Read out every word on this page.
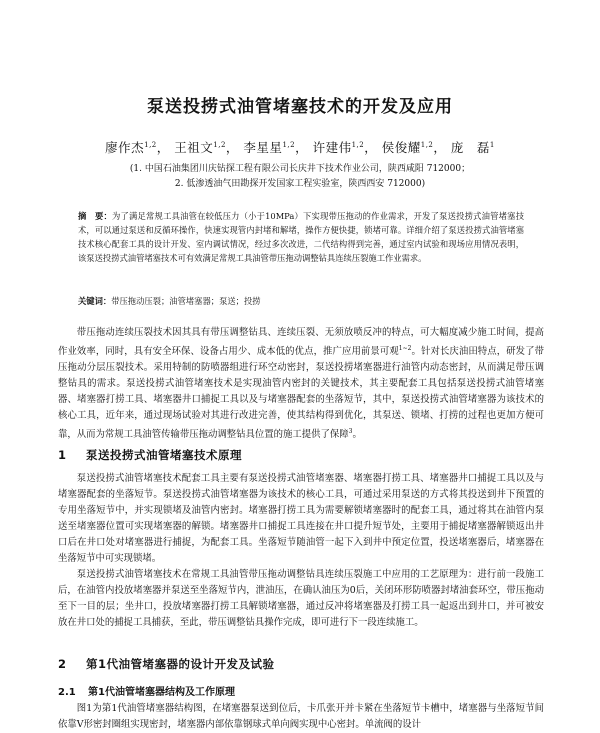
泵送投捞式油管堵塞技术的开发及应用
廖作杰$^{1,2}$， 王祖文$^{1,2}$， 李星星$^{1,2}$， 许建伟$^{1,2}$， 侯俊耀$^{1,2}$， 庞　磊$^1$
(1. 中国石油集团川庆钻探工程有限公司长庆井下技术作业公司，陕西咸阳 712000；
2. 低渗透油气田勘探开发国家工程实验室，陕西西安 712000)
摘　要：为了满足常规工具油管在较低压力（小于10MPa）下实现带压拖动的作业需求，开发了泵送投捞式油管堵塞技术，可以通过泵送和反循环操作，快速实现管内封堵和解堵，操作方便快捷，锁堵可靠。详细介绍了泵送投捞式油管堵塞技术核心配套工具的设计开发、室内调试情况，经过多次改进，二代结构得到完善，通过室内试验和现场应用情况表明，该泵送投捞式油管堵塞技术可有效满足常规工具油管带压拖动调整钻具连续压裂施工作业需求。
关键词：带压拖动压裂；油管堵塞器；泵送；投捞
带压拖动连续压裂技术因其具有带压调整钻具、连续压裂、无须放喷反冲的特点，可大幅度减少施工时间，提高作业效率，同时，具有安全环保、设备占用少、成本低的优点，推广应用前景可观$^{1\sim 2}$。针对长庆油田特点，研发了带压拖动分层压裂技术。采用特制的防喷器组进行环空动密封，泵送投捞堵塞器进行油管内动态密封，从而满足带压调整钻具的需求。泵送投捞式油管堵塞技术是实现油管内密封的关键技术，其主要配套工具包括泵送投捞式油管堵塞器、堵塞器打捞工具、堵塞器井口捕捉工具以及与堵塞器配套的坐落短节，其中，泵送投捞式油管堵塞器为该技术的核心工具，近年来，通过现场试验对其进行改进完善，使其结构得到优化，其泵送、锁堵、打捞的过程也更加方便可靠，从而为常规工具油管传输带压拖动调整钻具位置的施工提供了保障$^3$。
1 泵送投捞式油管堵塞技术原理
泵送投捞式油管堵塞技术配套工具主要有泵送投捞式油管堵塞器、堵塞器打捞工具、堵塞器井口捕捉工具以及与堵塞器配套的坐落短节。泵送投捞式油管堵塞器为该技术的核心工具，可通过采用泵送的方式将其投送到井下预置的专用坐落短节中，并实现锁堵及油管内密封。堵塞器打捞工具为需要解锁堵塞器时的配套工具，通过将其在油管内泵送至堵塞器位置可实现堵塞器的解锁。堵塞器井口捕捉工具连接在井口提升短节处，主要用于捕捉堵塞器解锁返出井口后在井口处对堵塞器进行捕捉，为配套工具。坐落短节随油管一起下入到井中预定位置，投送堵塞器后，堵塞器在坐落短节中可实现锁堵。
泵送投捞式油管堵塞技术在常规工具油管带压拖动调整钻具连续压裂施工中应用的工艺原理为：进行前一段施工后，在油管内投放堵塞器并泵送至坐落短节内，泄油压，在确认油压为0后，关闭环形防喷器封堵油套环空，带压拖动至下一目的层；坐井口，投放堵塞器打捞工具解锁堵塞器，通过反冲将堵塞器及打捞工具一起返出到井口，并可被安放在井口处的捕捉工具捕获，至此，带压调整钻具操作完成，即可进行下一段连续施工。
2 第1代油管堵塞器的设计开发及试验
2.1 第1代油管堵塞器结构及工作原理
图1为第1代油管堵塞器结构图，在堵塞器泵送到位后，卡爪张开并卡紧在坐落短节卡槽中，堵塞器与坐落短节间依靠V形密封圈组实现密封，堵塞器内部依靠钢球式单向阀实现中心密封。单流阀的设计
